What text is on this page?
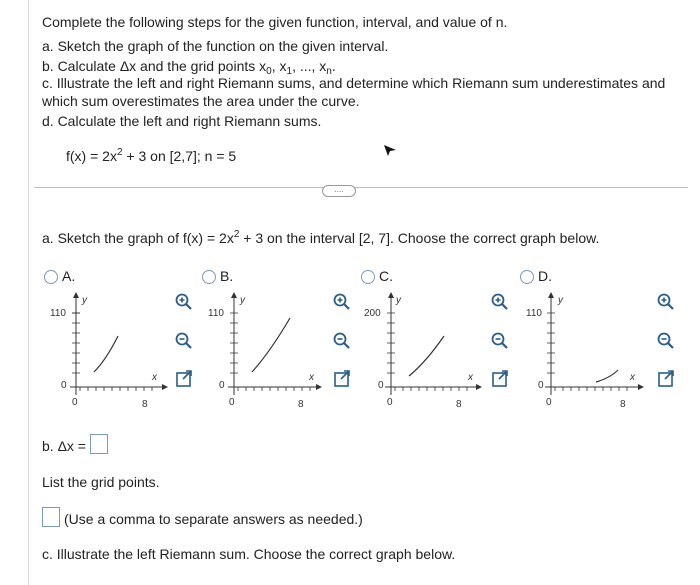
Complete the following steps for the given function, interval, and value of n.
a. Sketch the graph of the function on the given interval.
b. Calculate Δx and the grid points $x_0$, $x_1$, ..., $x_n$.
c. Illustrate the left and right Riemann sums, and determine which Riemann sum underestimates and
which sum overestimates the area under the curve.
d. Calculate the left and right Riemann sums.
$f(x) = 2x^2 + 3$ on [2,7]; n = 5
....
a. Sketch the graph of $f(x) = 2x^2 + 3$ on the interval [2, 7]. Choose the correct graph below.
A.
110
y
0
0	8
x
B.
110
y
0
0	8
x
C.
200
y
0
0	8
x
D.
110
y
0
0	8
x
b. Δx =
List the grid points.
(Use a comma to separate answers as needed.)
c. Illustrate the left Riemann sum. Choose the correct graph below.
